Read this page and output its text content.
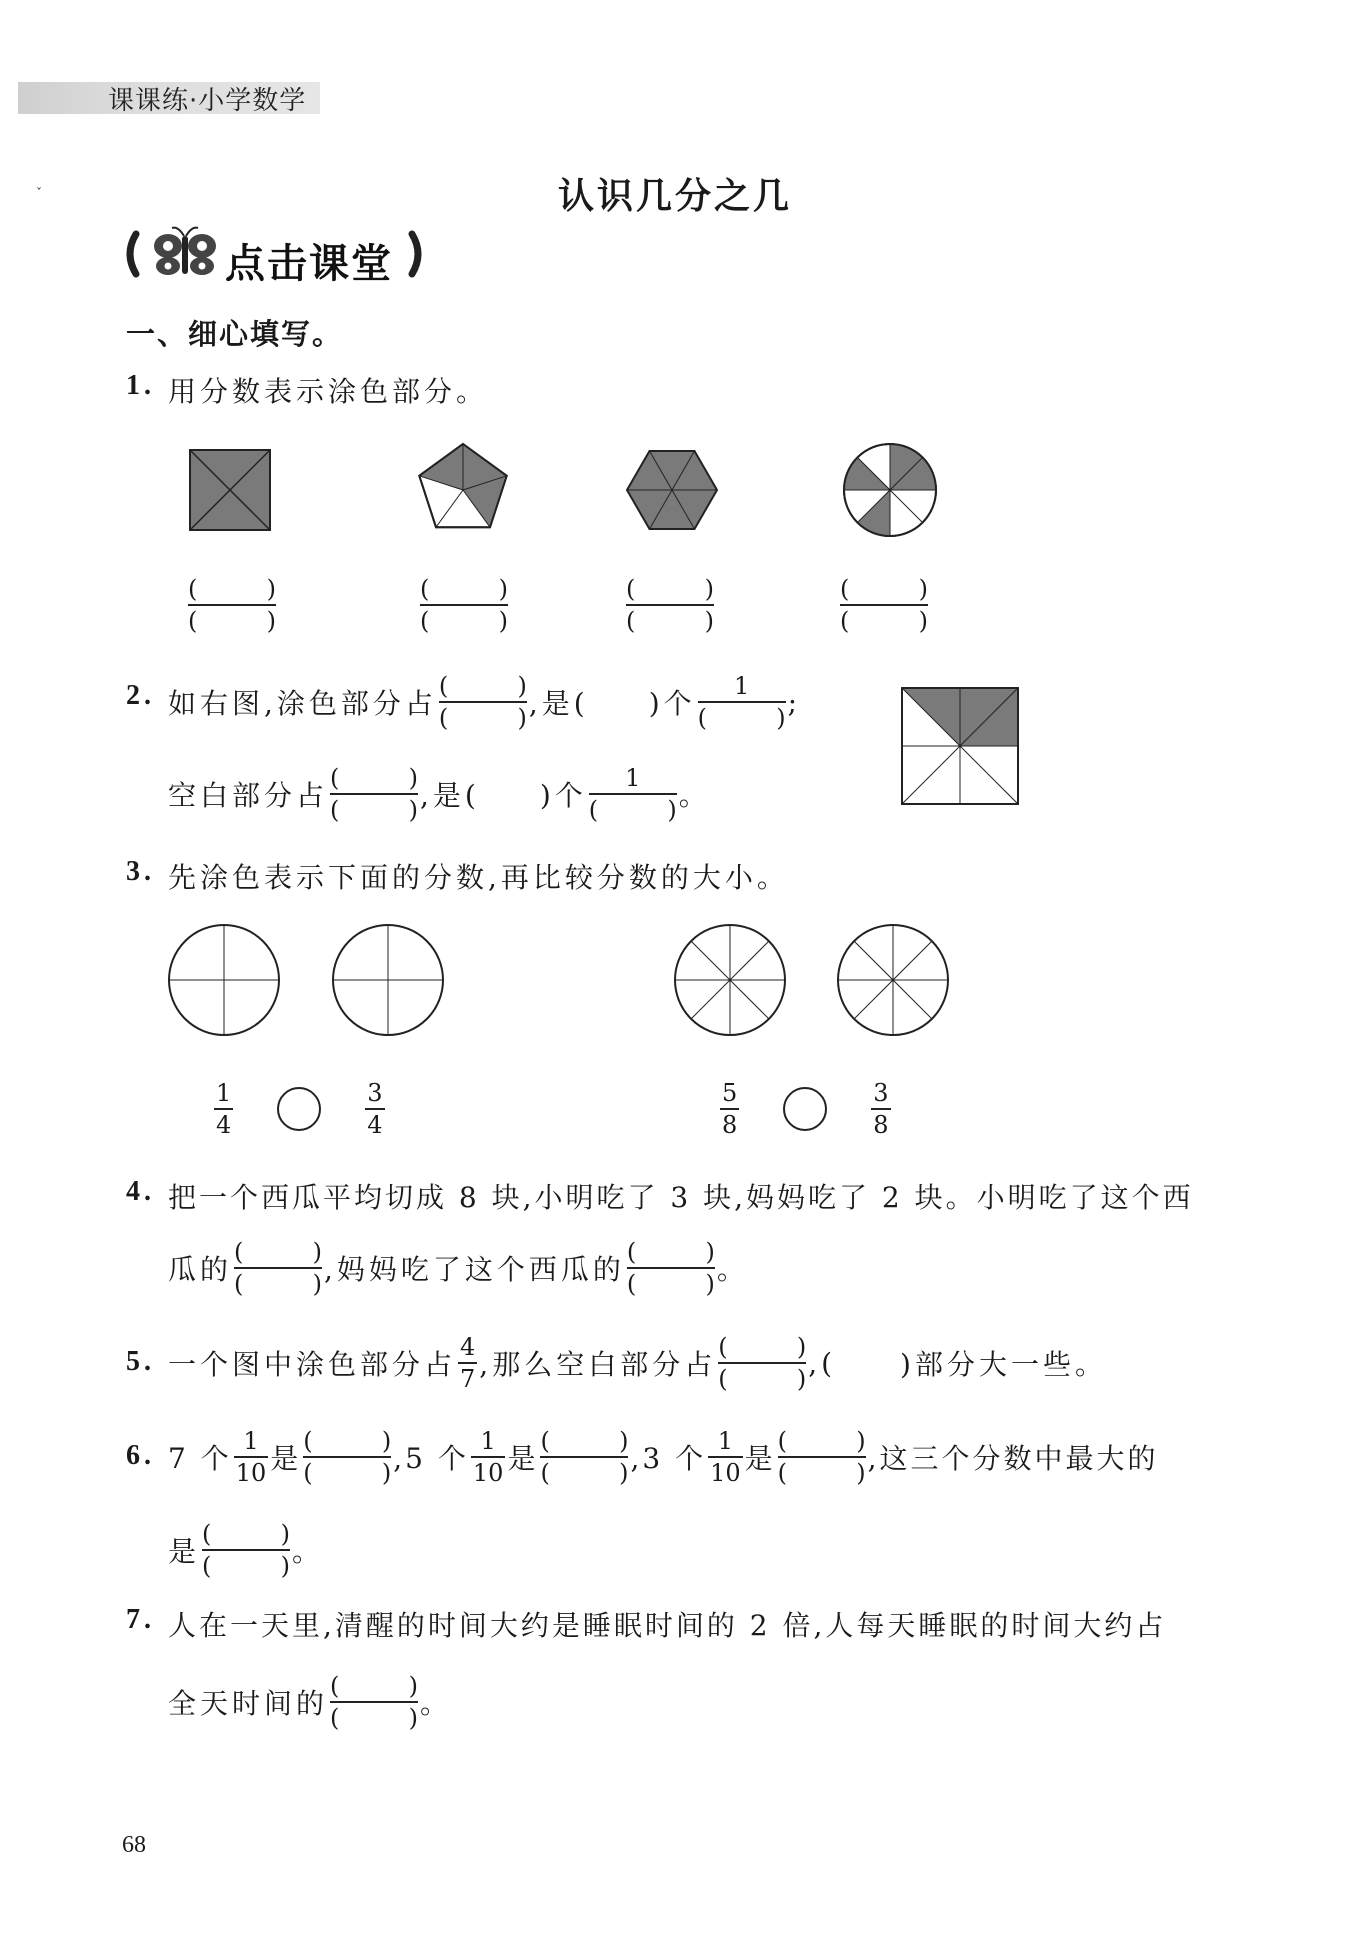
课课练·小学数学
ˇ	认识几分之几
点击课堂
一、细心填写。
1. 用分数表示涂色部分。
(	)
(	)	(	)
(	)	(	)
(	)	(	)
(	)
2. 如右图,涂色部分占 (	)
(	) ,是( )个 1
(	) ;
空白部分占 (	)
(	) ,是( )个 1
(	) 。
3. 先涂色表示下面的分数,再比较分数的大小。
$\frac{1}{4}$	$\frac{3}{4}$	$\frac{5}{8}$	$\frac{3}{8}$
4. 把一个西瓜平均切成 8 块,小明吃了 3 块,妈妈吃了 2 块。小明吃了这个西
瓜的 (	)
(	) ,妈妈吃了这个西瓜的 (	)
(	) 。
5. 一个图中涂色部分占 $\frac{4}{7}$ ,那么空白部分占 (	)
(	) ,( )部分大一些。
6. 7 个 $\frac{1}{10}$ 是 (	)
(	) ,5 个 $\frac{1}{10}$ 是 (	)
(	) ,3 个 $\frac{1}{10}$ 是 (	)
(	) ,这三个分数中最大的
是 (	)
(	) 。
7. 人在一天里,清醒的时间大约是睡眠时间的 2 倍,人每天睡眠的时间大约占
全天时间的 (	)
(	) 。
68
